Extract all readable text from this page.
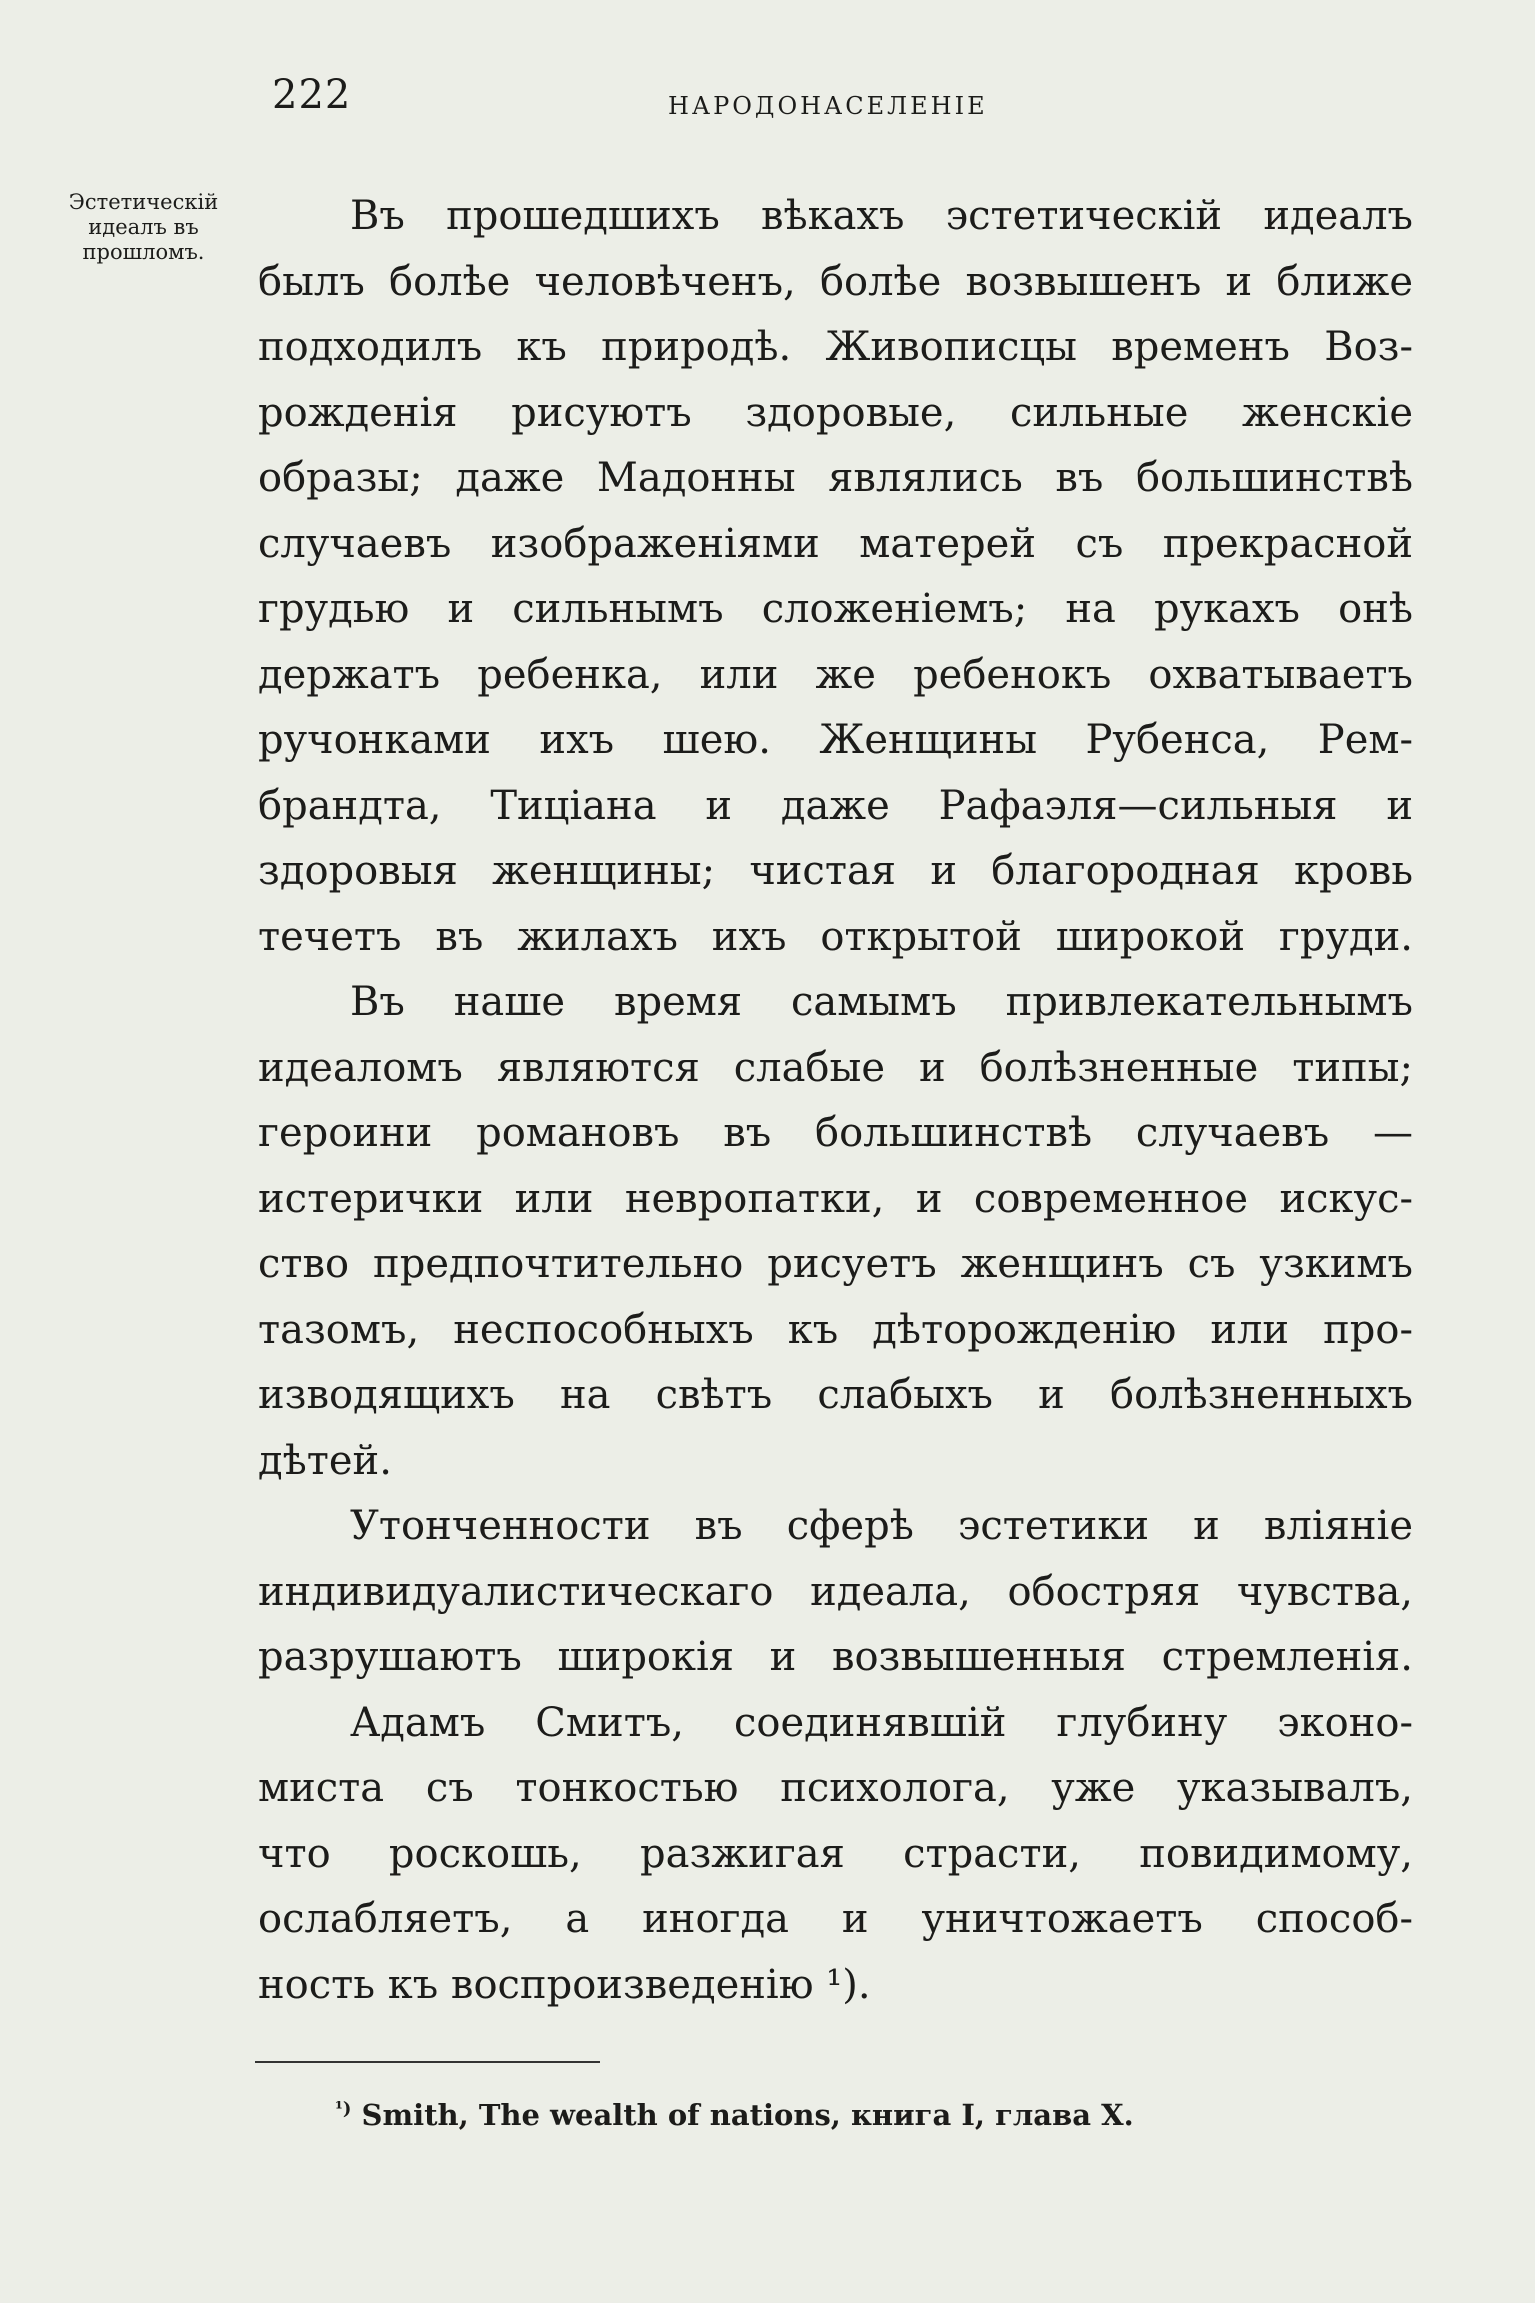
222	НАРОДОНАСЕЛЕНІЕ
Эстетическій
идеалъ въ
прошломъ.
Въ прошедшихъ вѣкахъ эстетическій идеалъ
былъ болѣе человѣченъ, болѣе возвышенъ и ближе
подходилъ къ природѣ. Живописцы временъ Воз-
рожденія рисуютъ здоровые, сильные женскіе
образы; даже Мадонны являлись въ большинствѣ
случаевъ изображеніями матерей съ прекрасной
грудью и сильнымъ сложеніемъ; на рукахъ онѣ
держатъ ребенка, или же ребенокъ охватываетъ
ручонками ихъ шею. Женщины Рубенса, Рем-
брандта, Тиціана и даже Рафаэля—сильныя и
здоровыя женщины; чистая и благородная кровь
течетъ въ жилахъ ихъ открытой широкой груди.
Въ наше время самымъ привлекательнымъ
идеаломъ являются слабые и болѣзненные типы;
героини романовъ въ большинствѣ случаевъ —
истерички или невропатки, и современное искус-
ство предпочтительно рисуетъ женщинъ съ узкимъ
тазомъ, неспособныхъ къ дѣторожденію или про-
изводящихъ на свѣтъ слабыхъ и болѣзненныхъ
дѣтей.
Утонченности въ сферѣ эстетики и вліяніе
индивидуалистическаго идеала, обостряя чувства,
разрушаютъ широкія и возвышенныя стремленія.
Адамъ Смитъ, соединявшій глубину эконо-
миста съ тонкостью психолога, уже указывалъ,
что роскошь, разжигая страсти, повидимому,
ослабляетъ, а иногда и уничтожаетъ способ-
ность къ воспроизведенію ¹).
$^{^1)}$ Smith, The wealth of nations, книга I, глава X.
